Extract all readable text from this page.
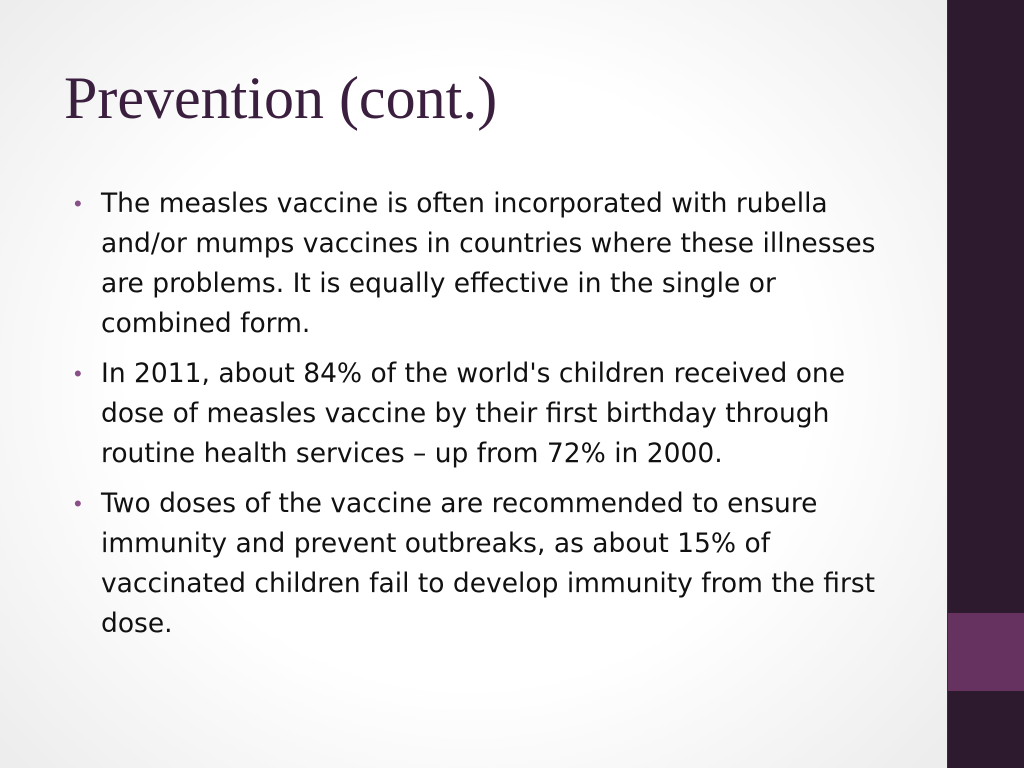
Prevention (cont.)
• The measles vaccine is often incorporated with rubella and/or mumps vaccines in countries where these illnesses are problems. It is equally effective in the single or combined form.
• In 2011, about 84% of the world's children received one dose of measles vaccine by their first birthday through routine health services – up from 72% in 2000.
• Two doses of the vaccine are recommended to ensure immunity and prevent outbreaks, as about 15% of vaccinated children fail to develop immunity from the first dose.
